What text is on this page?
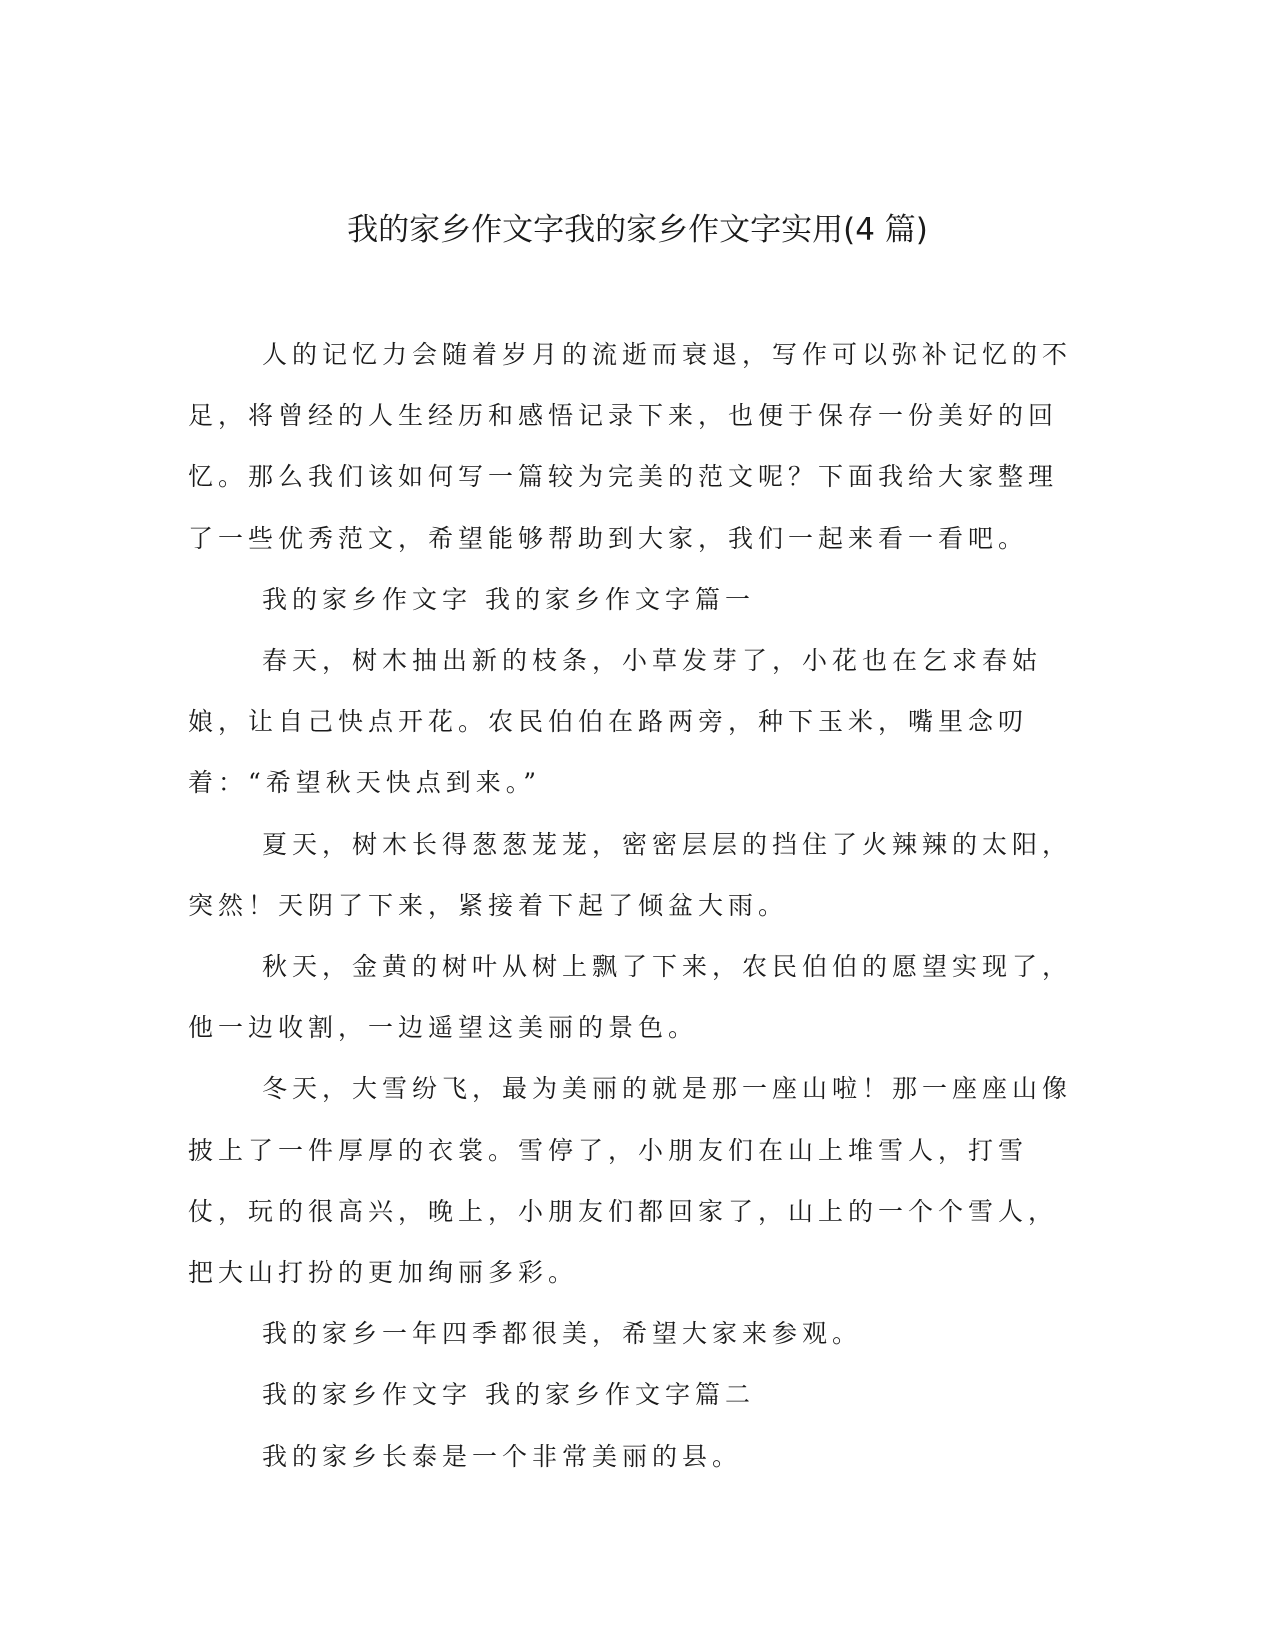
我的家乡作文字我的家乡作文字实用(4 篇)

人的记忆力会随着岁月的流逝而衰退，写作可以弥补记忆的不足，将曾经的人生经历和感悟记录下来，也便于保存一份美好的回忆。那么我们该如何写一篇较为完美的范文呢？下面我给大家整理了一些优秀范文，希望能够帮助到大家，我们一起来看一看吧。

我的家乡作文字 我的家乡作文字篇一

春天，树木抽出新的枝条，小草发芽了，小花也在乞求春姑娘，让自己快点开花。农民伯伯在路两旁，种下玉米，嘴里念叨着：“希望秋天快点到来。”

夏天，树木长得葱葱茏茏，密密层层的挡住了火辣辣的太阳，突然！天阴了下来，紧接着下起了倾盆大雨。

秋天，金黄的树叶从树上飘了下来，农民伯伯的愿望实现了，他一边收割，一边遥望这美丽的景色。

冬天，大雪纷飞，最为美丽的就是那一座山啦！那一座座山像披上了一件厚厚的衣裳。雪停了，小朋友们在山上堆雪人，打雪仗，玩的很高兴，晚上，小朋友们都回家了，山上的一个个雪人，把大山打扮的更加绚丽多彩。

我的家乡一年四季都很美，希望大家来参观。

我的家乡作文字 我的家乡作文字篇二

我的家乡长泰是一个非常美丽的县。
